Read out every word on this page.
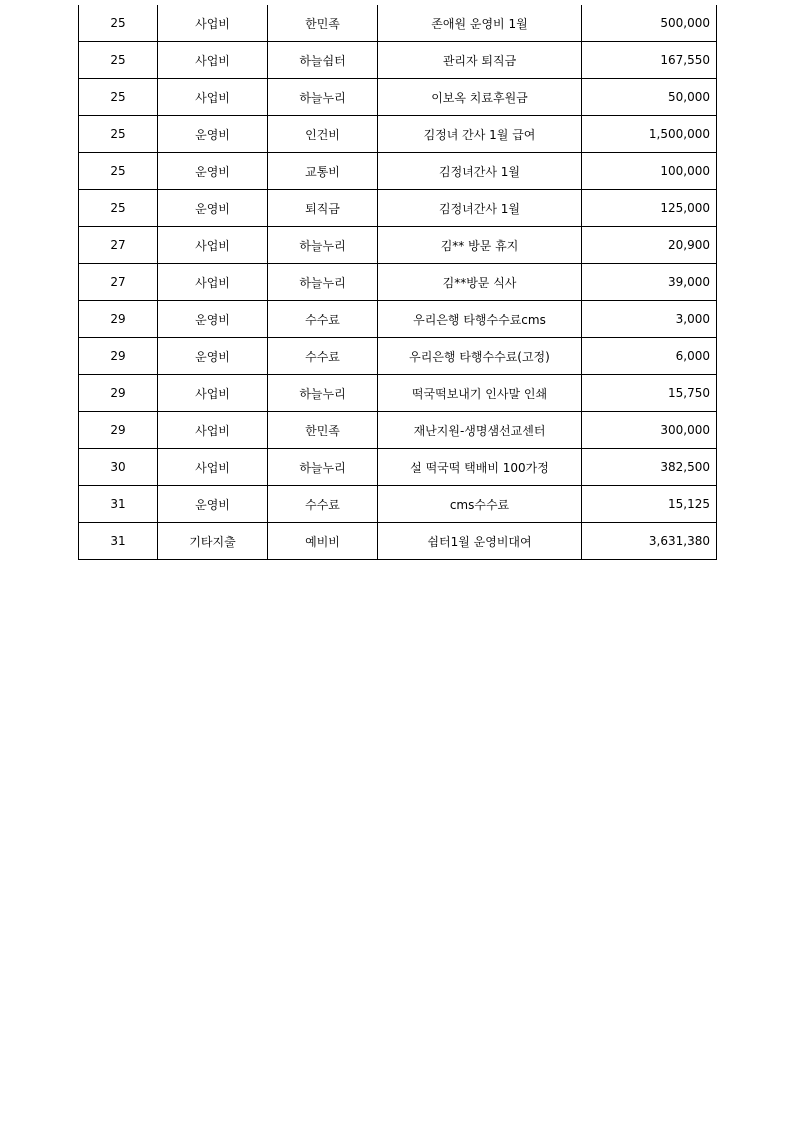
25	사업비	한민족	존애원 운영비 1월	500,000
25	사업비	하늘쉼터	관리자 퇴직금	167,550
25	사업비	하늘누리	이보옥 치료후원금	50,000
25	운영비	인건비	김정녀 간사 1월 급여	1,500,000
25	운영비	교통비	김정녀간사 1월	100,000
25	운영비	퇴직금	김정녀간사 1월	125,000
27	사업비	하늘누리	김** 방문 휴지	20,900
27	사업비	하늘누리	김**방문 식사	39,000
29	운영비	수수료	우리은행 타행수수료cms	3,000
29	운영비	수수료	우리은행 타행수수료(고정)	6,000
29	사업비	하늘누리	떡국떡보내기 인사말 인쇄	15,750
29	사업비	한민족	재난지원-생명샘선교센터	300,000
30	사업비	하늘누리	설 떡국떡 택배비 100가정	382,500
31	운영비	수수료	cms수수료	15,125
31	기타지출	예비비	쉼터1월 운영비대여	3,631,380
